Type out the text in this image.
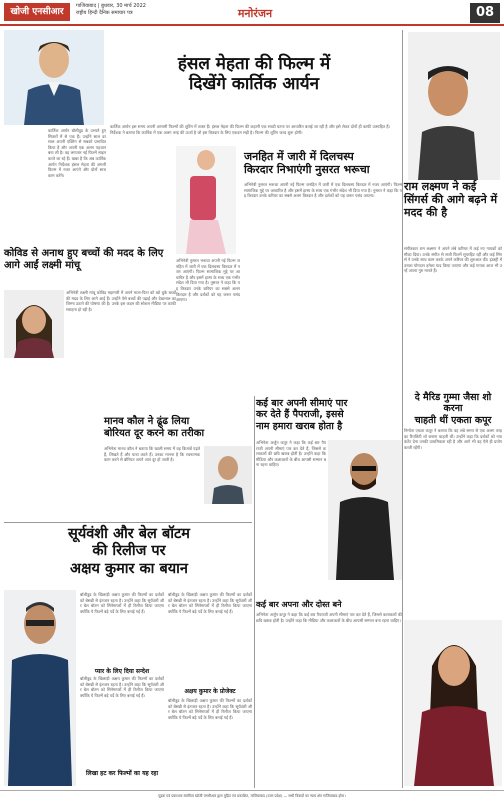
खोजी एनसीआर
गाजियाबाद | बुधवार, 30 मार्च 2022
राष्ट्रीय हिन्दी दैनिक समाचार पत्र	मनोरंजन	08
हंसल मेहता की फिल्म में
दिखेंगे कार्तिक आर्यन
कार्तिक आर्यन बॉलीवुड के उभरते हुए सितारों में से एक हैं। उन्होंने साल दर साल अपनी एक्टिंग से सबको प्रभावित किया है और अपनी एक अलग पहचान बना ली है। वह लगातार नई फिल्में साइन करते जा रहे हैं। खबर है कि अब कार्तिक आर्यन निर्देशक हंसल मेहता की अगली फिल्म में नजर आएंगे और दोनों साथ काम करेंगे।
कार्तिक आर्यन इस समय अपनी आगामी फिल्मों की शूटिंग में व्यस्त हैं। हंसल मेहता की फिल्म की कहानी एक सच्ची घटना पर आधारित बताई जा रही है और इसे लेकर दोनों ही काफी उत्साहित हैं। निर्देशक ने बताया कि कार्तिक में एक अलग तरह की ऊर्जा है जो इस किरदार के लिए एकदम सही है। फिल्म की शूटिंग जल्द शुरू होगी।
राम लक्ष्मण ने कई सिंगर्स की आगे बढ़ने में मदद की है
संगीतकार राम लक्ष्मण ने अपने लंबे करियर में कई नए गायकों को मौका दिया। उनके संगीत से सजी फिल्में सुपरहिट रहीं और कई सिंगर्स ने उनके साथ काम करके अपने करियर की शुरुआत की। इंडस्ट्री में उनका योगदान हमेशा याद किया जाएगा और कई गायक आज भी उन्हें अपना गुरु मानते हैं।
जनहित में जारी में दिलचस्प
किरदार निभाएंगी नुसरत भरूचा
अभिनेत्री नुसरत भरूचा अपनी नई फिल्म जनहित में जारी में एक दिलचस्प किरदार में नजर आएंगी। फिल्म सामाजिक मुद्दे पर आधारित है और इसमें हास्य के साथ एक गंभीर संदेश भी दिया गया है। नुसरत ने कहा कि यह किरदार उनके करियर का सबसे अलग किरदार है और दर्शकों को यह जरूर पसंद आएगा।
अभिनेत्री नुसरत भरूचा अपनी नई फिल्म जनहित में जारी में एक दिलचस्प किरदार में नजर आएंगी। फिल्म सामाजिक मुद्दे पर आधारित है और इसमें हास्य के साथ एक गंभीर संदेश भी दिया गया है। नुसरत ने कहा कि यह किरदार उनके करियर का सबसे अलग किरदार है और दर्शकों को यह जरूर पसंद आएगा।
कोविड से अनाथ हुए बच्चों की मदद के लिए आगे आईं लक्ष्मी मांचू
अभिनेत्री लक्ष्मी मांचू कोविड महामारी में अपने माता-पिता को खो चुके बच्चों की मदद के लिए आगे आई हैं। उन्होंने ऐसे बच्चों की पढ़ाई और देखभाल का जिम्मा उठाने की घोषणा की है। उनके इस कदम की सोशल मीडिया पर काफी सराहना हो रही है।
मानव कौल ने ढूंढ लिया
बोरियत दूर करने का तरीका
अभिनेता मानव कौल ने बताया कि खाली समय में वह किताबें पढ़ते हैं, लिखते हैं और यात्रा करते हैं। उनका मानना है कि रचनात्मक काम करने से बोरियत अपने आप दूर हो जाती है।
कई बार अपनी सीमाएं पार
कर देते हैं पैपराजी, इससे
नाम हमारा खराब होता है
अभिनेता अर्जुन कपूर ने कहा कि कई बार पैपराजी अपनी सीमाएं पार कर देते हैं, जिससे कलाकारों की छवि खराब होती है। उन्होंने कहा कि मीडिया और कलाकारों के बीच आपसी सम्मान बना रहना चाहिए।
कई बार अपना और दोस्त बने
अभिनेता अर्जुन कपूर ने कहा कि कई बार पैपराजी अपनी सीमाएं पार कर देते हैं, जिससे कलाकारों की छवि खराब होती है। उन्होंने कहा कि मीडिया और कलाकारों के बीच आपसी सम्मान बना रहना चाहिए।
दे मैरिड गुम्मा जैसा शो करना
चाहती थीं एकता कपूर
निर्माता एकता कपूर ने बताया कि वह लंबे समय से एक अलग तरह का रियलिटी शो बनाना चाहती थीं। उन्होंने कहा कि दर्शकों को नया कंटेंट देना उनकी प्राथमिकता रही है और आगे भी वह ऐसे ही प्रयोग करती रहेंगी।
सूर्यवंशी और बेल बॉटम
की रिलीज पर
अक्षय कुमार का बयान
बॉलीवुड के खिलाड़ी अक्षय कुमार की फिल्मों का दर्शकों को बेसब्री से इंतजार रहता है। उन्होंने कहा कि सूर्यवंशी और बेल बॉटम को सिनेमाघरों में ही रिलीज किया जाएगा क्योंकि ये फिल्में बड़े पर्दे के लिए बनाई गई हैं।
प्यार के लिए दिया सन्देश
बॉलीवुड के खिलाड़ी अक्षय कुमार की फिल्मों का दर्शकों को बेसब्री से इंतजार रहता है। उन्होंने कहा कि सूर्यवंशी और बेल बॉटम को सिनेमाघरों में ही रिलीज किया जाएगा क्योंकि ये फिल्में बड़े पर्दे के लिए बनाई गई हैं।
लिखा हट कर फिल्मों का यह रहा
बॉलीवुड के खिलाड़ी अक्षय कुमार की फिल्मों का दर्शकों को बेसब्री से इंतजार रहता है। उन्होंने कहा कि सूर्यवंशी और बेल बॉटम को सिनेमाघरों में ही रिलीज किया जाएगा क्योंकि ये फिल्में बड़े पर्दे के लिए बनाई गई हैं।
अक्षय कुमार के प्रोजेक्ट
बॉलीवुड के खिलाड़ी अक्षय कुमार की फिल्मों का दर्शकों को बेसब्री से इंतजार रहता है। उन्होंने कहा कि सूर्यवंशी और बेल बॉटम को सिनेमाघरों में ही रिलीज किया जाएगा क्योंकि ये फिल्में बड़े पर्दे के लिए बनाई गई हैं।
मुद्रक एवं प्रकाशक स्वामित्व खोजी एनसीआर द्वारा मुद्रित एवं प्रकाशित, गाजियाबाद (उत्तर प्रदेश) — सभी विवादों का न्याय क्षेत्र गाजियाबाद होगा।
